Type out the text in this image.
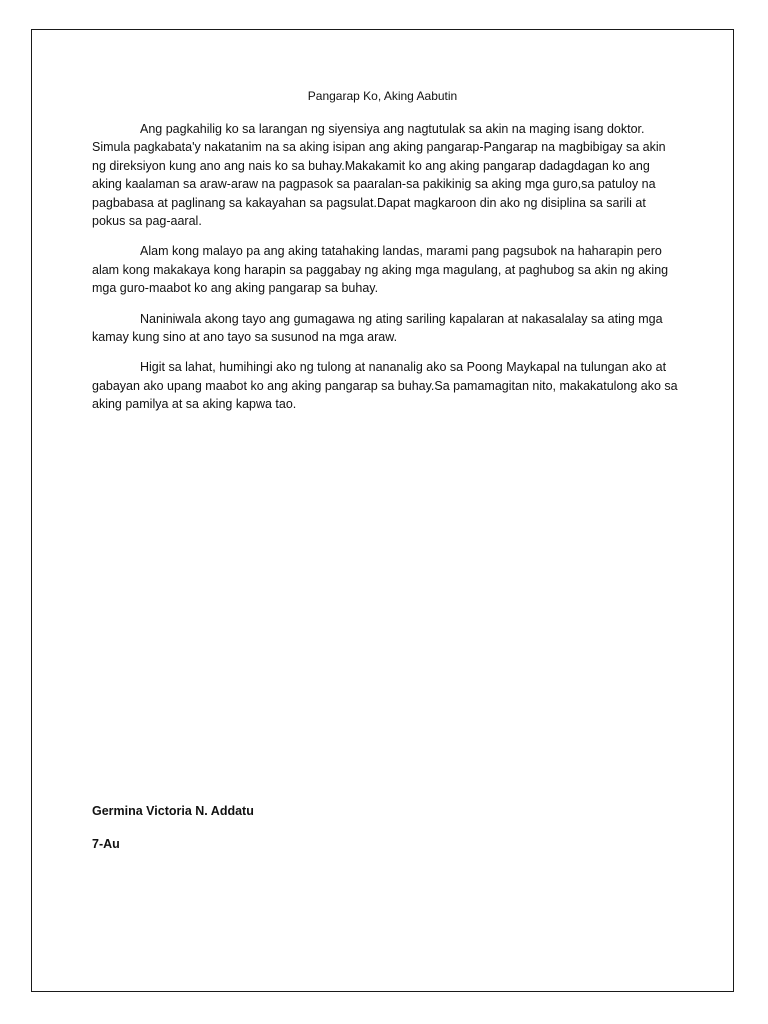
Pangarap Ko, Aking Aabutin

Ang pagkahilig ko sa larangan ng siyensiya ang nagtutulak sa akin na maging isang doktor. Simula pagkabata'y nakatanim na sa aking isipan ang aking pangarap-Pangarap na magbibigay sa akin ng direksiyon kung ano ang nais ko sa buhay.Makakamit ko ang aking pangarap dadagdagan ko ang aking kaalaman sa araw-araw na pagpasok sa paaralan-sa pakikinig sa aking mga guro,sa patuloy na pagbabasa at paglinang sa kakayahan sa pagsulat.Dapat magkaroon din ako ng disiplina sa sarili at pokus sa pag-aaral.

Alam kong malayo pa ang aking tatahaking landas, marami pang pagsubok na haharapin pero alam kong makakaya kong harapin sa paggabay ng aking mga magulang, at paghubog sa akin ng aking mga guro-maabot ko ang aking pangarap sa buhay.

Naniniwala akong tayo ang gumagawa ng ating sariling kapalaran at nakasalalay sa ating mga kamay kung sino at ano tayo sa susunod na mga araw.

Higit sa lahat, humihingi ako ng tulong at nananalig ako sa Poong Maykapal na tulungan ako at gabayan ako upang maabot ko ang aking pangarap sa buhay.Sa pamamagitan nito, makakatulong ako sa aking pamilya at sa aking kapwa tao.

Germina Victoria N. Addatu
7-Au
